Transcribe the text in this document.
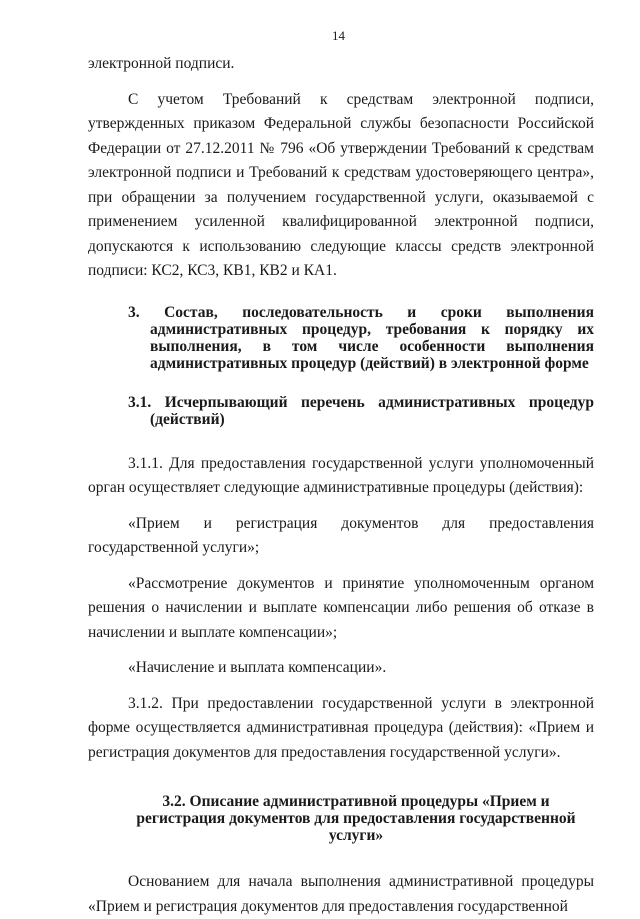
14

электронной подписи.

С учетом Требований к средствам электронной подписи, утвержденных приказом Федеральной службы безопасности Российской Федерации от 27.12.2011 № 796 «Об утверждении Требований к средствам электронной подписи и Требований к средствам удостоверяющего центра», при обращении за получением государственной услуги, оказываемой с применением усиленной квалифицированной электронной подписи, допускаются к использованию следующие классы средств электронной подписи: КС2, КС3, КВ1, КВ2 и КА1.

3. Состав, последовательность и сроки выполнения административных процедур, требования к порядку их выполнения, в том числе особенности выполнения административных процедур (действий) в электронной форме
3.1. Исчерпывающий перечень административных процедур (действий)

3.1.1. Для предоставления государственной услуги уполномоченный орган осуществляет следующие административные процедуры (действия):

«Прием и регистрация документов для предоставления государственной услуги»;

«Рассмотрение документов и принятие уполномоченным органом решения о начислении и выплате компенсации либо решения об отказе в начислении и выплате компенсации»;

«Начисление и выплата компенсации».

3.1.2. При предоставлении государственной услуги в электронной форме осуществляется административная процедура (действия): «Прием и регистрация документов для предоставления государственной услуги».

3.2. Описание административной процедуры «Прием и регистрация документов для предоставления государственной услуги»

Основанием для начала выполнения административной процедуры «Прием и регистрация документов для предоставления государственной
